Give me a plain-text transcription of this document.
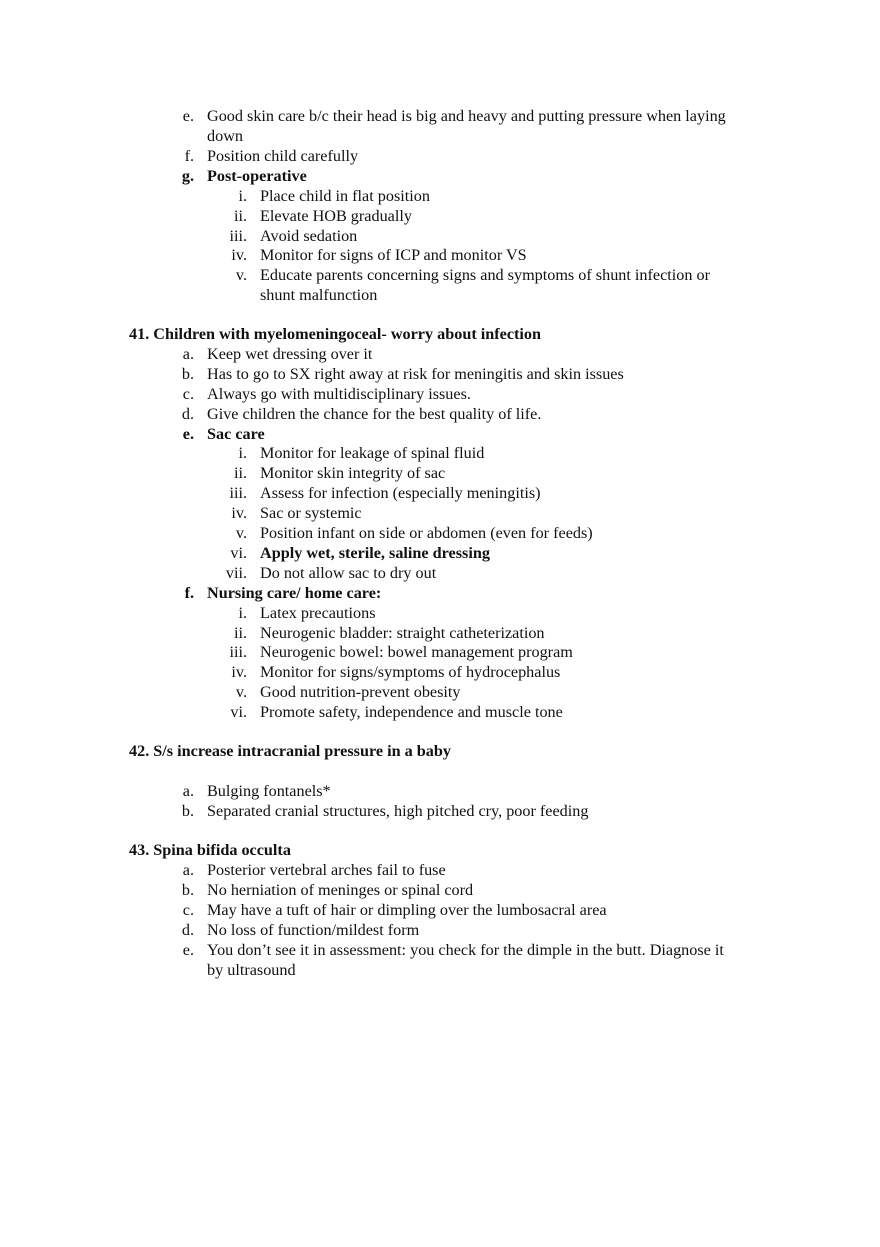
e. Good skin care b/c their head is big and heavy and putting pressure when laying
down
f. Position child carefully
g. Post-operative
i. Place child in flat position
ii. Elevate HOB gradually
iii. Avoid sedation
iv. Monitor for signs of ICP and monitor VS
v. Educate parents concerning signs and symptoms of shunt infection or
shunt malfunction
41. Children with myelomeningoceal- worry about infection
a. Keep wet dressing over it
b. Has to go to SX right away at risk for meningitis and skin issues
c. Always go with multidisciplinary issues.
d. Give children the chance for the best quality of life.
e. Sac care
i. Monitor for leakage of spinal fluid
ii. Monitor skin integrity of sac
iii. Assess for infection (especially meningitis)
iv. Sac or systemic
v. Position infant on side or abdomen (even for feeds)
vi. Apply wet, sterile, saline dressing
vii. Do not allow sac to dry out
f. Nursing care/ home care:
i. Latex precautions
ii. Neurogenic bladder: straight catheterization
iii. Neurogenic bowel: bowel management program
iv. Monitor for signs/symptoms of hydrocephalus
v. Good nutrition-prevent obesity
vi. Promote safety, independence and muscle tone
42. S/s increase intracranial pressure in a baby
a. Bulging fontanels*
b. Separated cranial structures, high pitched cry, poor feeding
43. Spina bifida occulta
a. Posterior vertebral arches fail to fuse
b. No herniation of meninges or spinal cord
c. May have a tuft of hair or dimpling over the lumbosacral area
d. No loss of function/mildest form
e. You don’t see it in assessment: you check for the dimple in the butt. Diagnose it
by ultrasound
